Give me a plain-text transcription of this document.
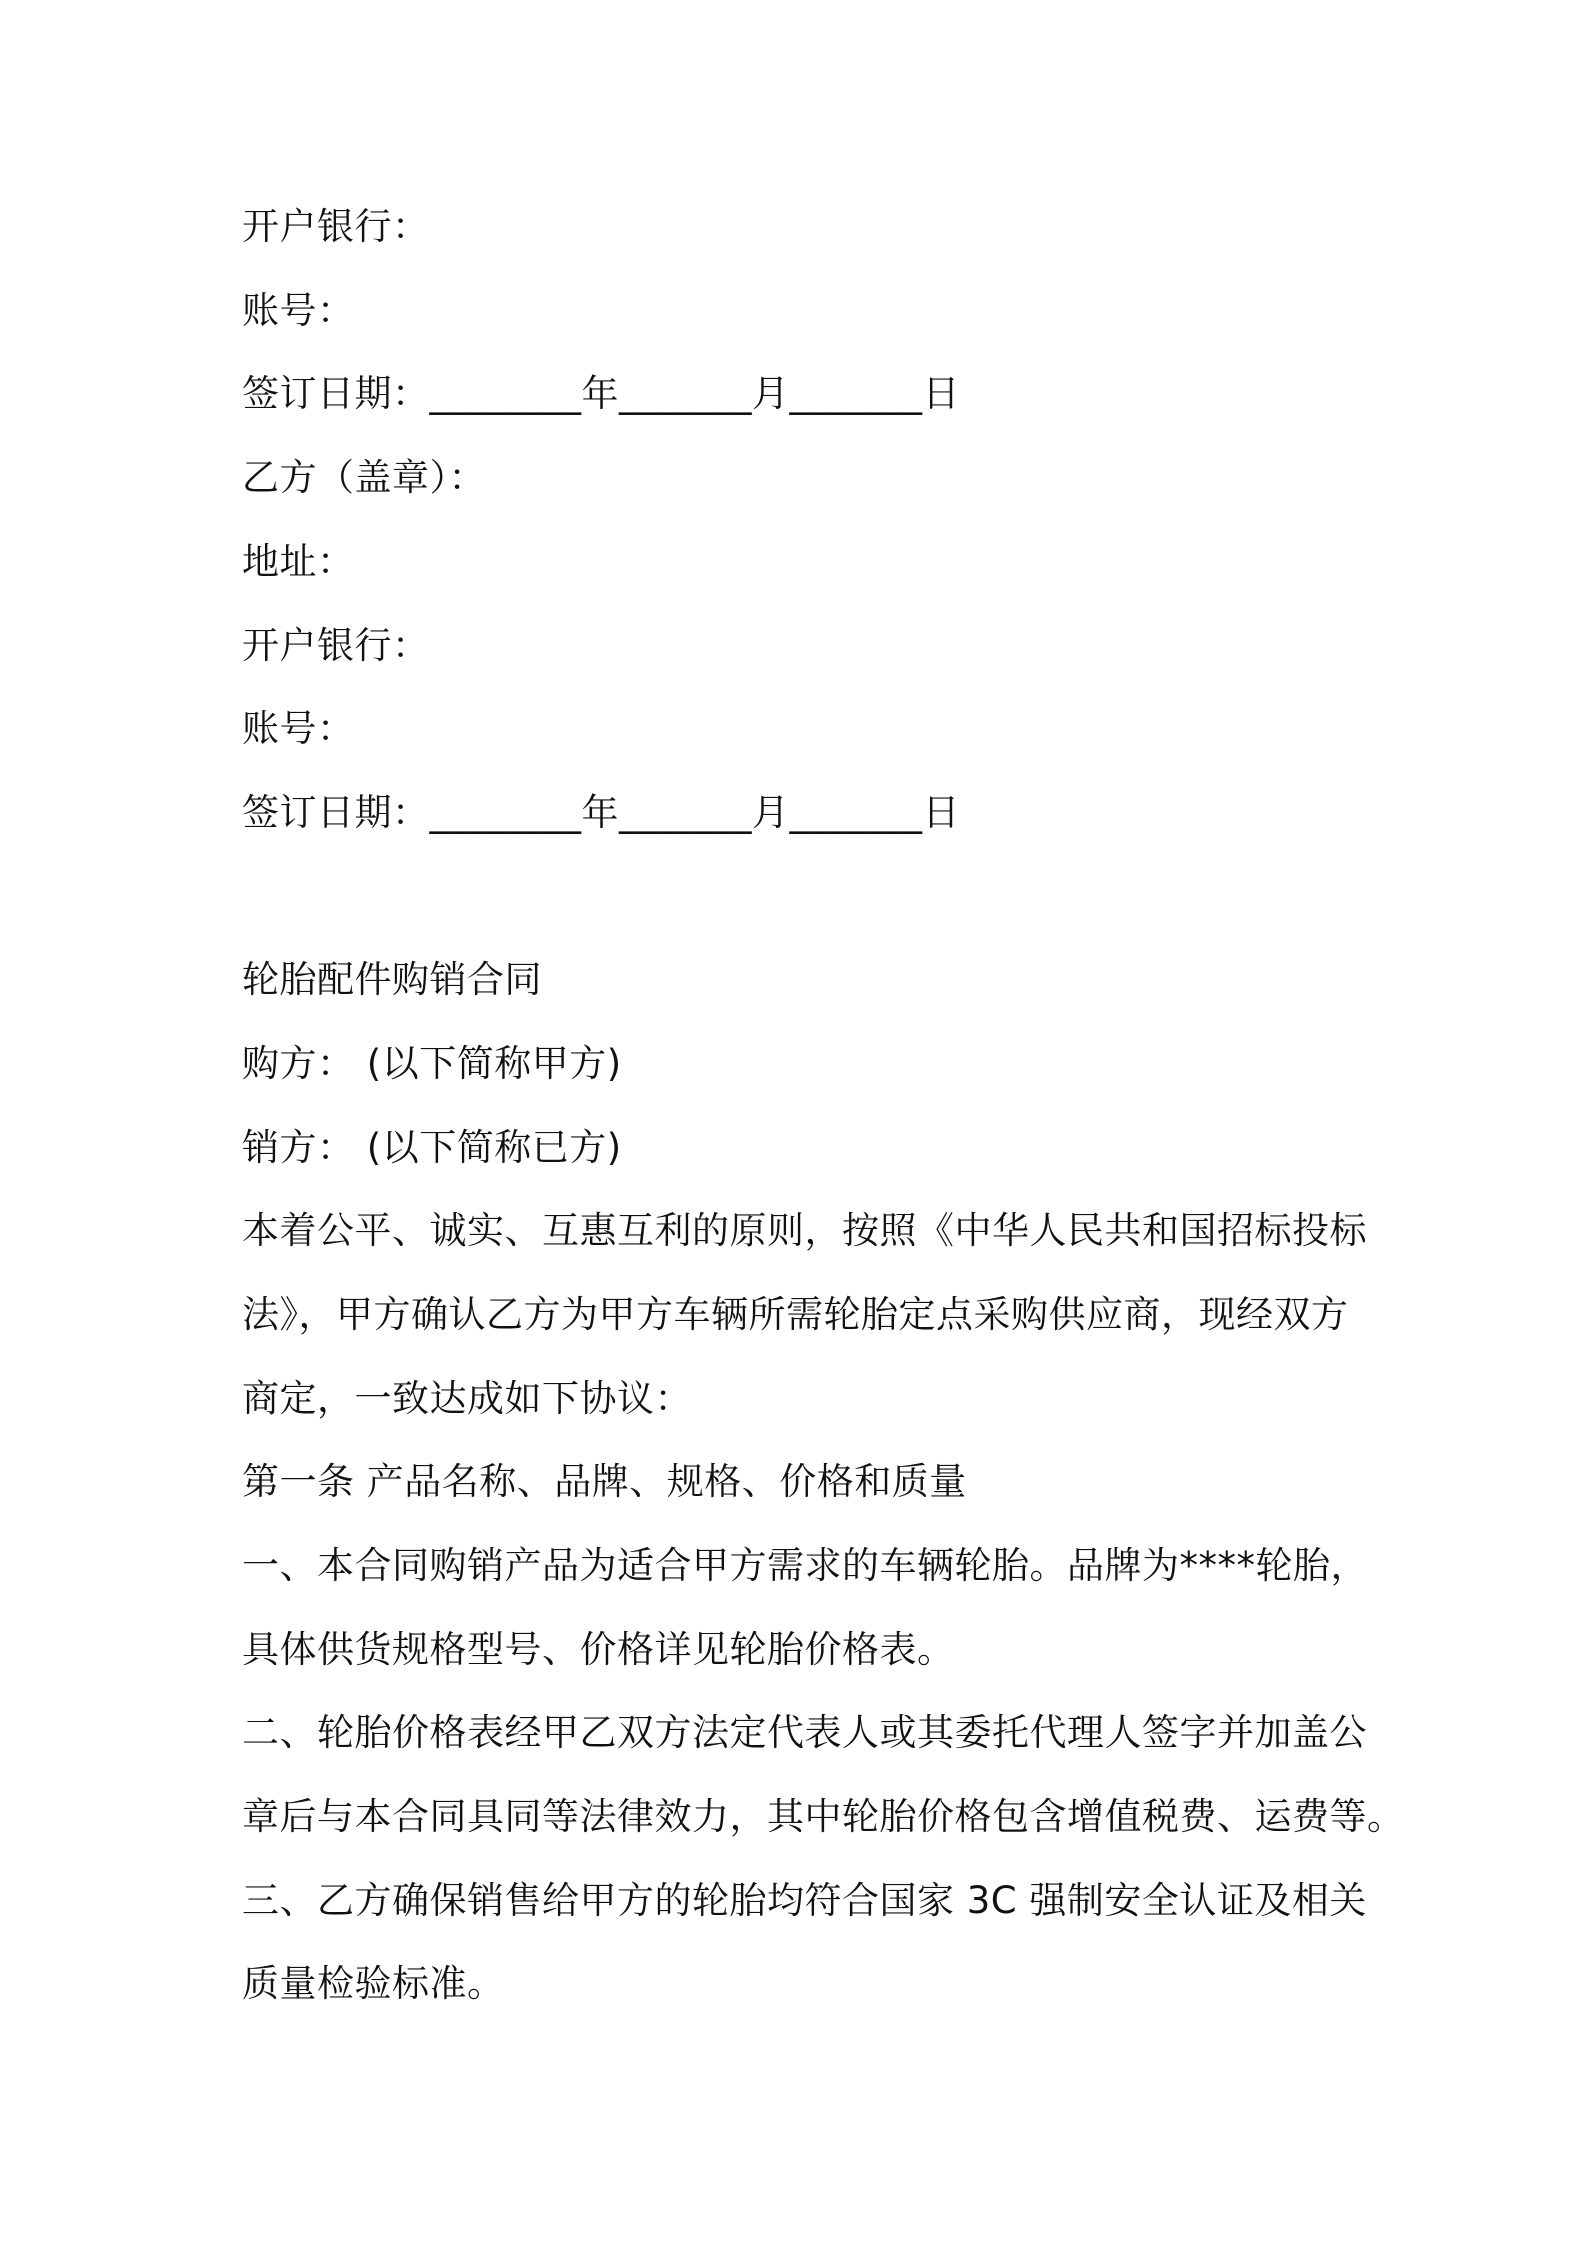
开户银行：
账号：
签订日期：________年_______月_______日
乙方（盖章）：
地址：
开户银行：
账号：
签订日期：________年_______月_______日
轮胎配件购销合同
购方： (以下简称甲方)
销方： (以下简称已方)
本着公平、诚实、互惠互利的原则，按照《中华人民共和国招标投标
法》，甲方确认乙方为甲方车辆所需轮胎定点采购供应商，现经双方
商定，一致达成如下协议：
第一条 产品名称、品牌、规格、价格和质量
一、本合同购销产品为适合甲方需求的车辆轮胎。品牌为****轮胎，
具体供货规格型号、价格详见轮胎价格表。
二、轮胎价格表经甲乙双方法定代表人或其委托代理人签字并加盖公
章后与本合同具同等法律效力，其中轮胎价格包含增值税费、运费等。
三、乙方确保销售给甲方的轮胎均符合国家 3C 强制安全认证及相关
质量检验标准。
